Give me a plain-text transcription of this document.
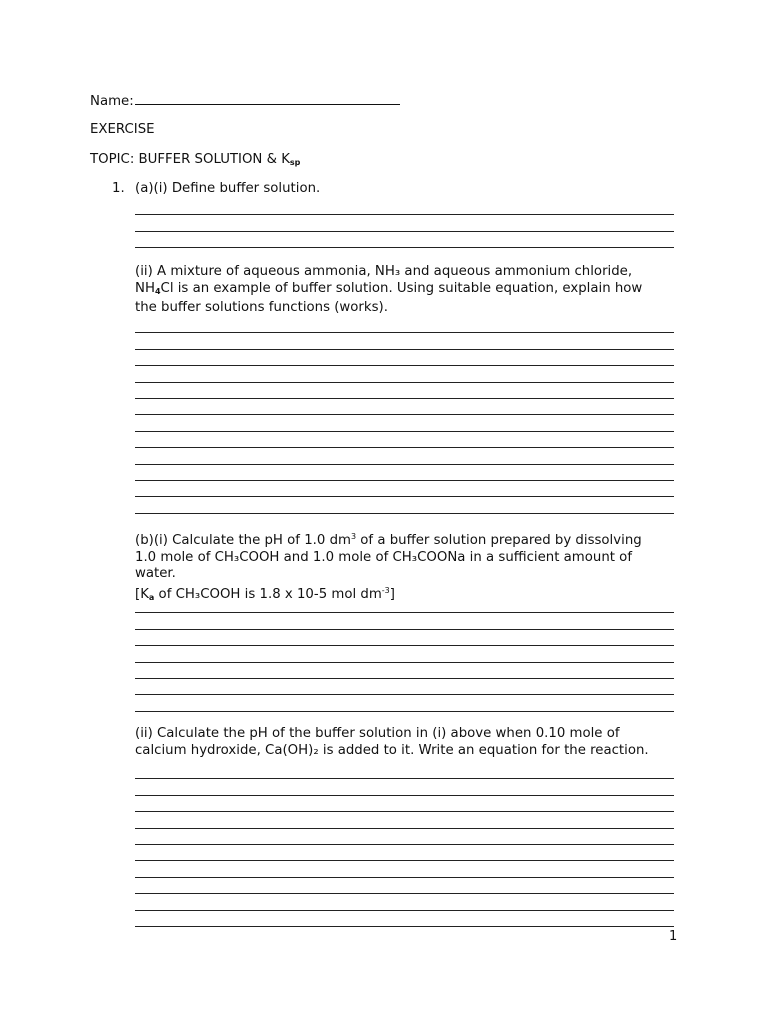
Name:
EXERCISE
TOPIC: BUFFER SOLUTION & $K_{sp}$
1. (a)(i) Define buffer solution.

(ii) A mixture of aqueous ammonia, NH₃ and aqueous ammonium chloride,

$NH_4Cl$ is an example of buffer solution. Using suitable equation, explain how

the buffer solutions functions (works).

(b)(i) Calculate the pH of 1.0 $dm^3$ of a buffer solution prepared by dissolving

1.0 mole of CH₃COOH and 1.0 mole of CH₃COONa in a sufficient amount of

water.

[$K_a$ of CH₃COOH is 1.8 x 10-5 mol $dm^{-3}$]

(ii) Calculate the pH of the buffer solution in (i) above when 0.10 mole of

calcium hydroxide, Ca(OH)₂ is added to it. Write an equation for the reaction.

1
